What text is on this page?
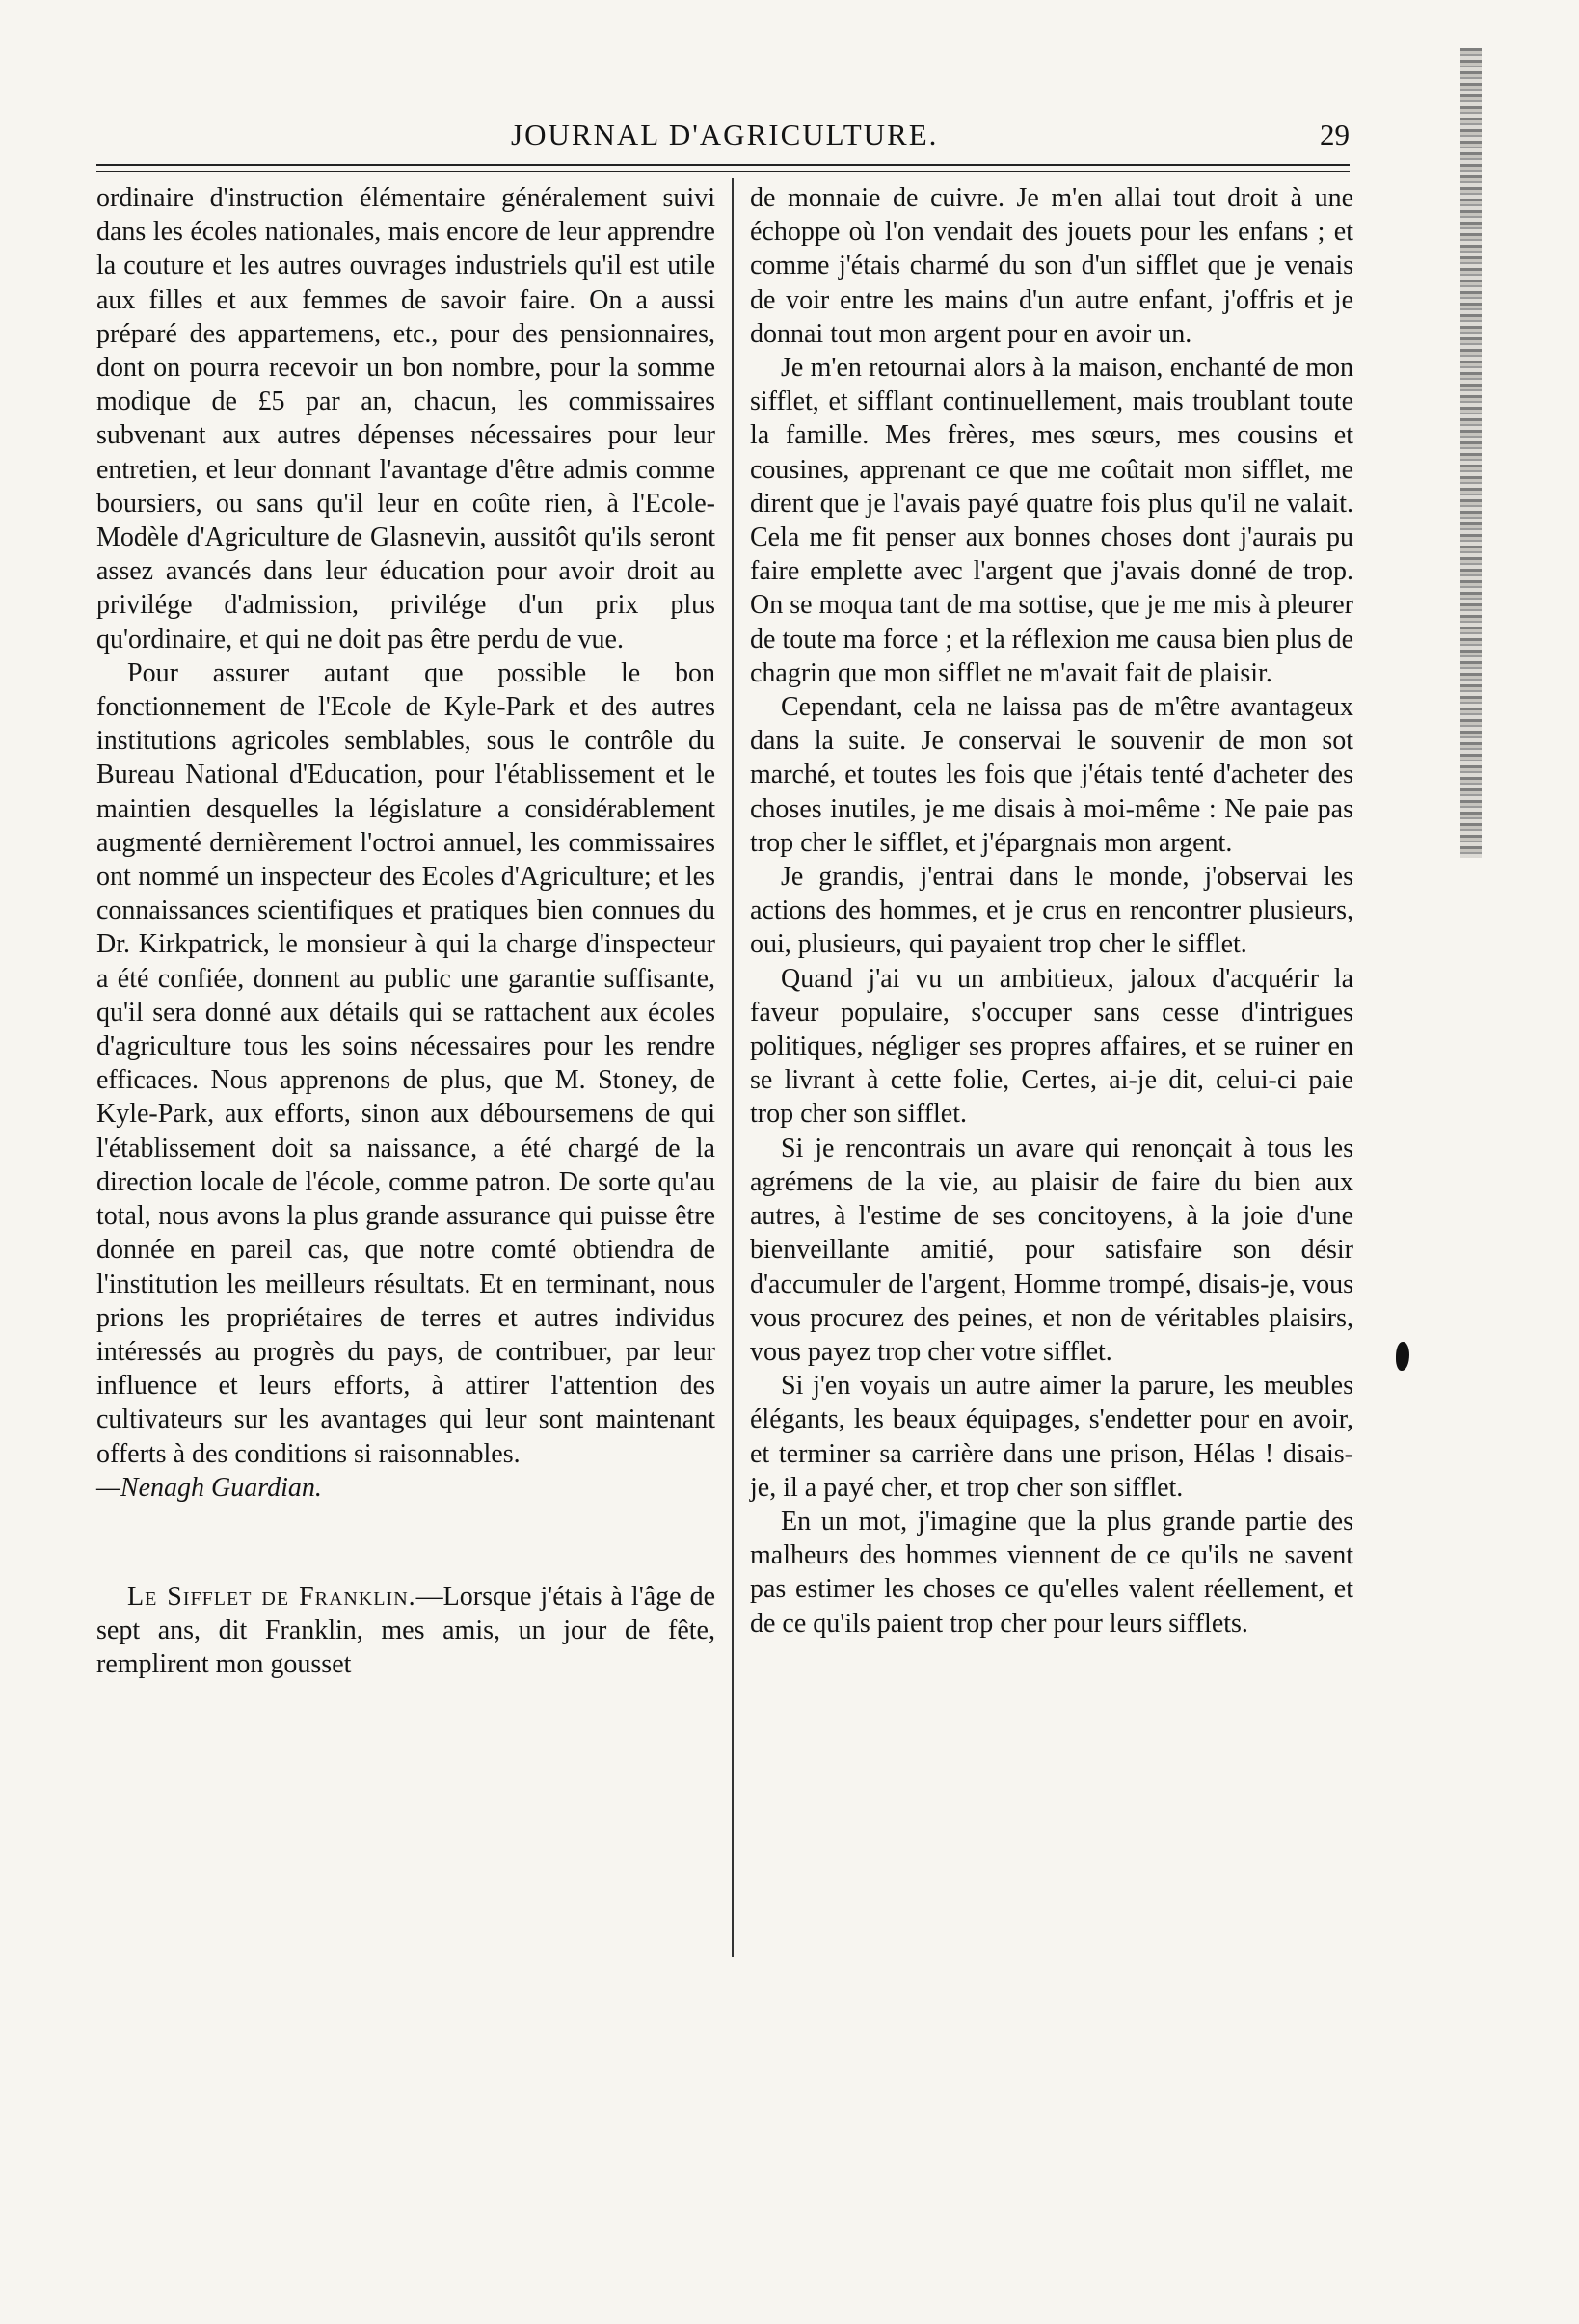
JOURNAL D'AGRICULTURE.	29

ordinaire d'instruction élémentaire généralement suivi dans les écoles nationales, mais encore de leur apprendre la couture et les autres ouvrages industriels qu'il est utile aux filles et aux femmes de savoir faire. On a aussi préparé des appartemens, etc., pour des pensionnaires, dont on pourra recevoir un bon nombre, pour la somme modique de £5 par an, chacun, les commissaires subvenant aux autres dépenses nécessaires pour leur entretien, et leur donnant l'avantage d'être admis comme boursiers, ou sans qu'il leur en coûte rien, à l'Ecole-Modèle d'Agriculture de Glasnevin, aussitôt qu'ils seront assez avancés dans leur éducation pour avoir droit au privilége d'admission, privilége d'un prix plus qu'ordinaire, et qui ne doit pas être perdu de vue.

Pour assurer autant que possible le bon fonctionnement de l'Ecole de Kyle-Park et des autres institutions agricoles semblables, sous le contrôle du Bureau National d'Education, pour l'établissement et le maintien desquelles la législature a considérablement augmenté dernièrement l'octroi annuel, les commissaires ont nommé un inspecteur des Ecoles d'Agriculture; et les connaissances scientifiques et pratiques bien connues du Dr. Kirkpatrick, le monsieur à qui la charge d'inspecteur a été confiée, donnent au public une garantie suffisante, qu'il sera donné aux détails qui se rattachent aux écoles d'agriculture tous les soins nécessaires pour les rendre efficaces. Nous apprenons de plus, que M. Stoney, de Kyle-Park, aux efforts, sinon aux déboursemens de qui l'établissement doit sa naissance, a été chargé de la direction locale de l'école, comme patron. De sorte qu'au total, nous avons la plus grande assurance qui puisse être donnée en pareil cas, que notre comté obtiendra de l'institution les meilleurs résultats. Et en terminant, nous prions les propriétaires de terres et autres individus intéressés au progrès du pays, de contribuer, par leur influence et leurs efforts, à attirer l'attention des cultivateurs sur les avantages qui leur sont maintenant offerts à des conditions si raisonnables.

—Nenagh Guardian.

Le Sifflet de Franklin.—Lorsque j'étais à l'âge de sept ans, dit Franklin, mes amis, un jour de fête, remplirent mon gousset

de monnaie de cuivre. Je m'en allai tout droit à une échoppe où l'on vendait des jouets pour les enfans ; et comme j'étais charmé du son d'un sifflet que je venais de voir entre les mains d'un autre enfant, j'offris et je donnai tout mon argent pour en avoir un.

Je m'en retournai alors à la maison, enchanté de mon sifflet, et sifflant continuellement, mais troublant toute la famille. Mes frères, mes sœurs, mes cousins et cousines, apprenant ce que me coûtait mon sifflet, me dirent que je l'avais payé quatre fois plus qu'il ne valait. Cela me fit penser aux bonnes choses dont j'aurais pu faire emplette avec l'argent que j'avais donné de trop. On se moqua tant de ma sottise, que je me mis à pleurer de toute ma force ; et la réflexion me causa bien plus de chagrin que mon sifflet ne m'avait fait de plaisir.

Cependant, cela ne laissa pas de m'être avantageux dans la suite. Je conservai le souvenir de mon sot marché, et toutes les fois que j'étais tenté d'acheter des choses inutiles, je me disais à moi-même : Ne paie pas trop cher le sifflet, et j'épargnais mon argent.

Je grandis, j'entrai dans le monde, j'observai les actions des hommes, et je crus en rencontrer plusieurs, oui, plusieurs, qui payaient trop cher le sifflet.

Quand j'ai vu un ambitieux, jaloux d'acquérir la faveur populaire, s'occuper sans cesse d'intrigues politiques, négliger ses propres affaires, et se ruiner en se livrant à cette folie, Certes, ai-je dit, celui-ci paie trop cher son sifflet.

Si je rencontrais un avare qui renonçait à tous les agrémens de la vie, au plaisir de faire du bien aux autres, à l'estime de ses concitoyens, à la joie d'une bienveillante amitié, pour satisfaire son désir d'accumuler de l'argent, Homme trompé, disais-je, vous vous procurez des peines, et non de véritables plaisirs, vous payez trop cher votre sifflet.

Si j'en voyais un autre aimer la parure, les meubles élégants, les beaux équipages, s'endetter pour en avoir, et terminer sa carrière dans une prison, Hélas ! disais-je, il a payé cher, et trop cher son sifflet.

En un mot, j'imagine que la plus grande partie des malheurs des hommes viennent de ce qu'ils ne savent pas estimer les choses ce qu'elles valent réellement, et de ce qu'ils paient trop cher pour leurs sifflets.
